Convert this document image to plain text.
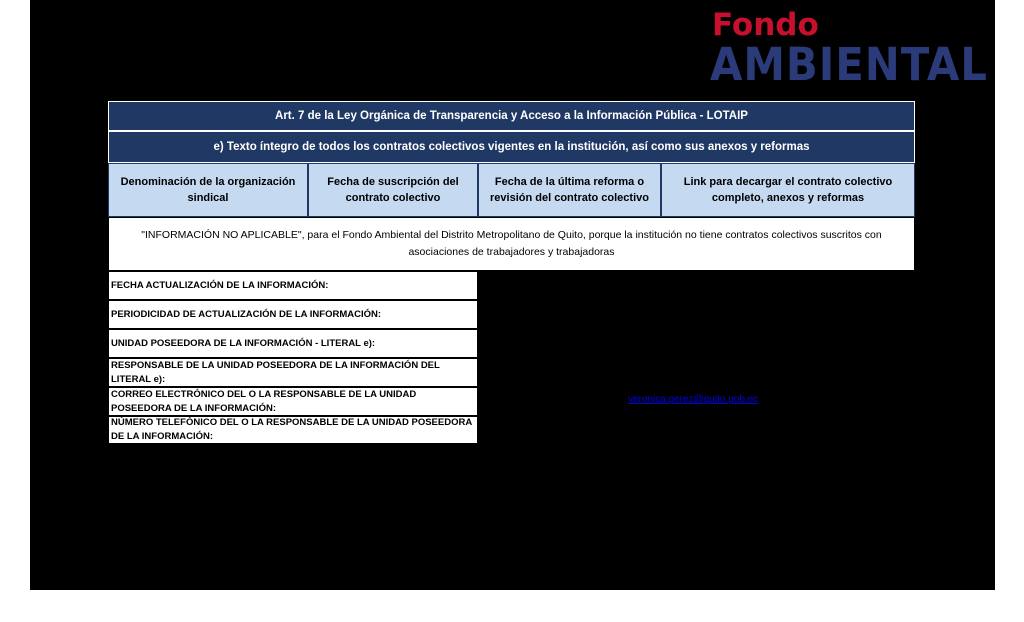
Fondo
AMBIENTAL
Art. 7 de la Ley Orgánica de Transparencia y Acceso a la Información Pública - LOTAIP
e) Texto íntegro de todos los contratos colectivos vigentes en la institución, así como sus anexos y reformas
Denominación de la organización sindical
Fecha de suscripción del contrato colectivo
Fecha de la última reforma o revisión del contrato colectivo
Link para decargar el contrato colectivo completo, anexos y reformas
"INFORMACIÓN NO APLICABLE", para el Fondo Ambiental del Distrito Metropolitano de Quito, porque la institución no tiene contratos colectivos suscritos con asociaciones de trabajadores y trabajadoras
FECHA ACTUALIZACIÓN DE LA INFORMACIÓN:
PERIODICIDAD DE ACTUALIZACIÓN DE LA INFORMACIÓN:
UNIDAD POSEEDORA DE LA INFORMACIÓN - LITERAL e):
RESPONSABLE DE LA UNIDAD POSEEDORA DE LA INFORMACIÓN DEL LITERAL e):
CORREO ELECTRÓNICO DEL O LA RESPONSABLE DE LA UNIDAD POSEEDORA DE LA INFORMACIÓN:
NÚMERO TELEFÓNICO DEL O LA RESPONSABLE DE LA UNIDAD POSEEDORA DE LA INFORMACIÓN:
veronica.perez@quito.gob.ec
